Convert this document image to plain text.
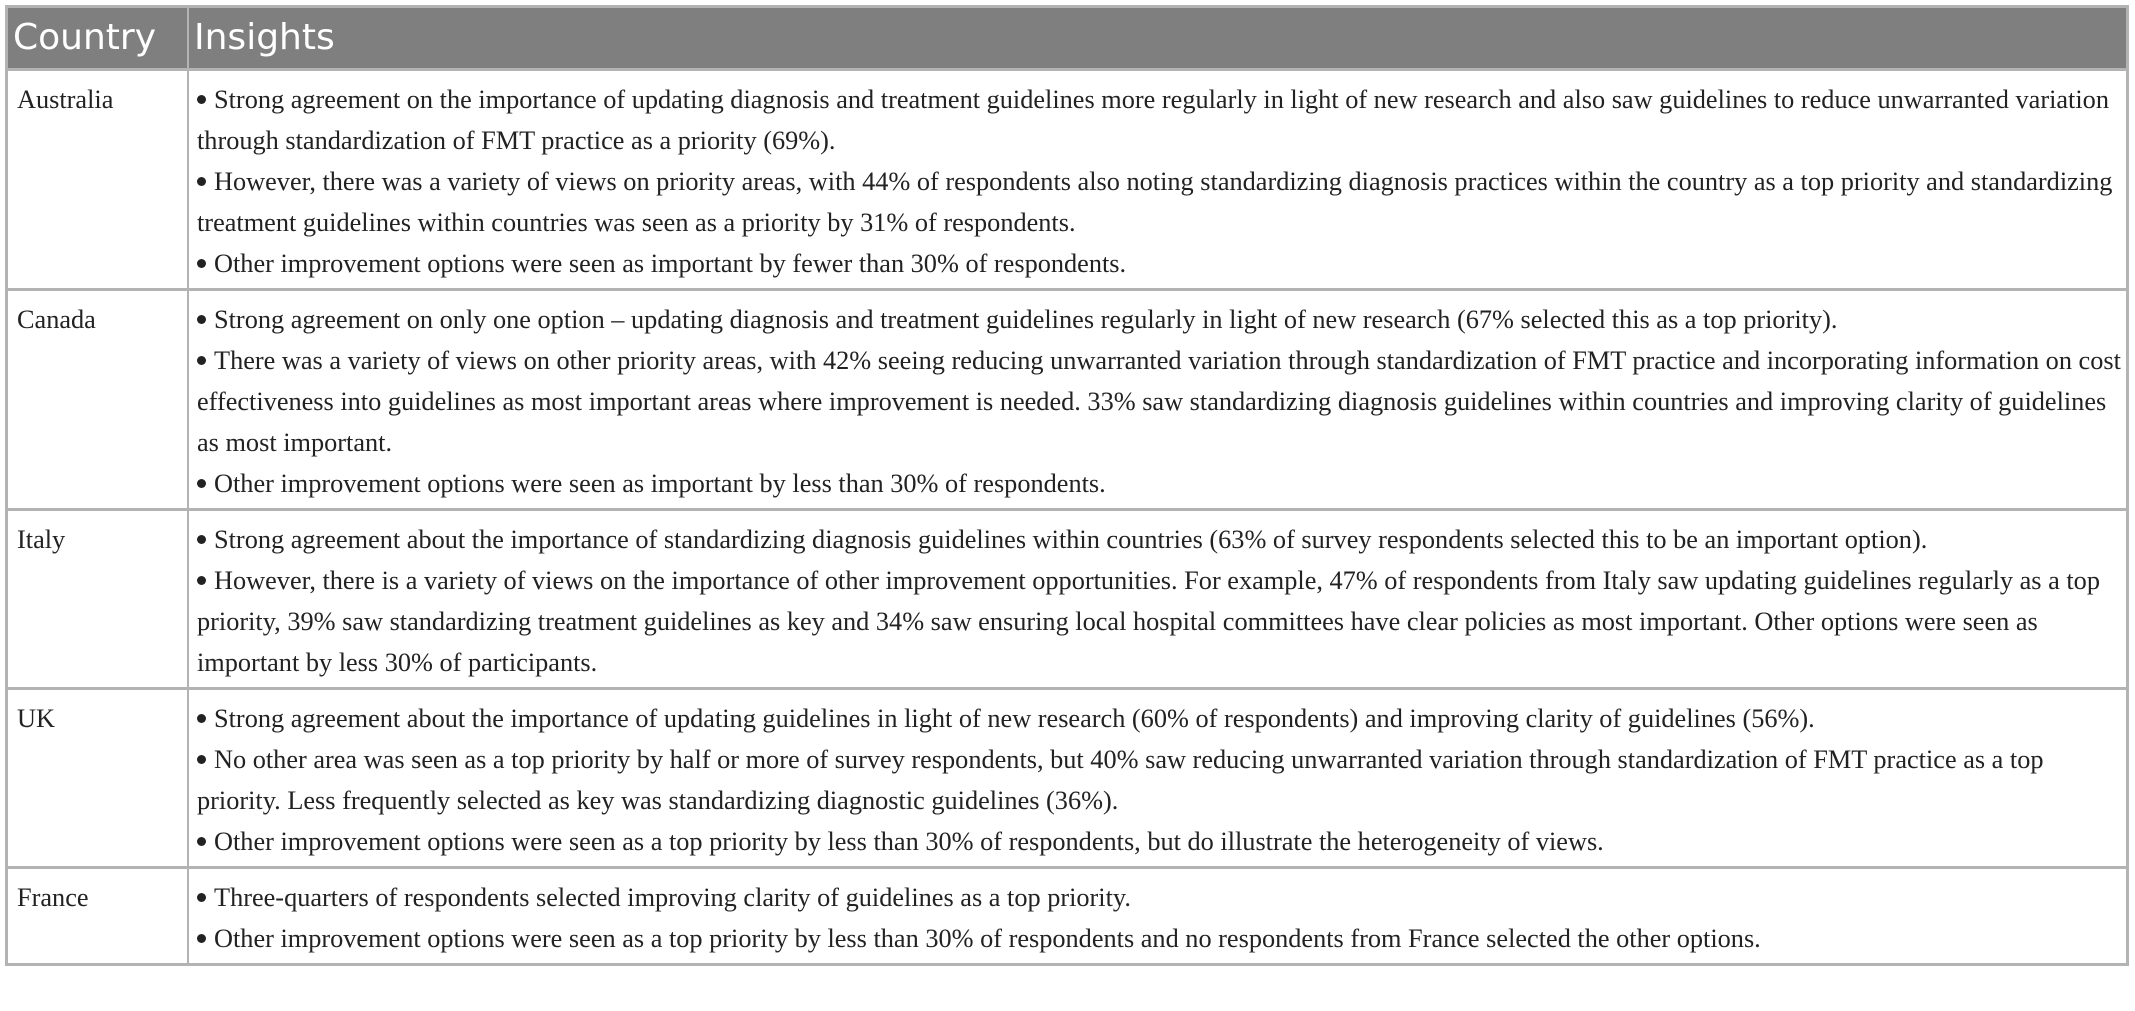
Country	Insights
Australia	Strong agreement on the importance of updating diagnosis and treatment guidelines more regularly in light of new research and also saw guidelines to reduce unwarranted variation through standardization of FMT practice as a priority (69%).
However, there was a variety of views on priority areas, with 44% of respondents also noting standardizing diagnosis practices within the country as a top priority and standardizing treatment guidelines within countries was seen as a priority by 31% of respondents.
Other improvement options were seen as important by fewer than 30% of respondents.

Canada	Strong agreement on only one option – updating diagnosis and treatment guidelines regularly in light of new research (67% selected this as a top priority).
There was a variety of views on other priority areas, with 42% seeing reducing unwarranted variation through standardization of FMT practice and incorporating information on cost effectiveness into guidelines as most important areas where improvement is needed. 33% saw standardizing diagnosis guidelines within countries and improving clarity of guidelines as most important.
Other improvement options were seen as important by less than 30% of respondents.

Italy	Strong agreement about the importance of standardizing diagnosis guidelines within countries (63% of survey respondents selected this to be an important option).
However, there is a variety of views on the importance of other improvement opportunities. For example, 47% of respondents from Italy saw updating guidelines regularly as a top priority, 39% saw standardizing treatment guidelines as key and 34% saw ensuring local hospital committees have clear policies as most important. Other options were seen as important by less 30% of participants.

UK	Strong agreement about the importance of updating guidelines in light of new research (60% of respondents) and improving clarity of guidelines (56%).
No other area was seen as a top priority by half or more of survey respondents, but 40% saw reducing unwarranted variation through standardization of FMT practice as a top priority. Less frequently selected as key was standardizing diagnostic guidelines (36%).
Other improvement options were seen as a top priority by less than 30% of respondents, but do illustrate the heterogeneity of views.

France	Three-quarters of respondents selected improving clarity of guidelines as a top priority.
Other improvement options were seen as a top priority by less than 30% of respondents and no respondents from France selected the other options.
